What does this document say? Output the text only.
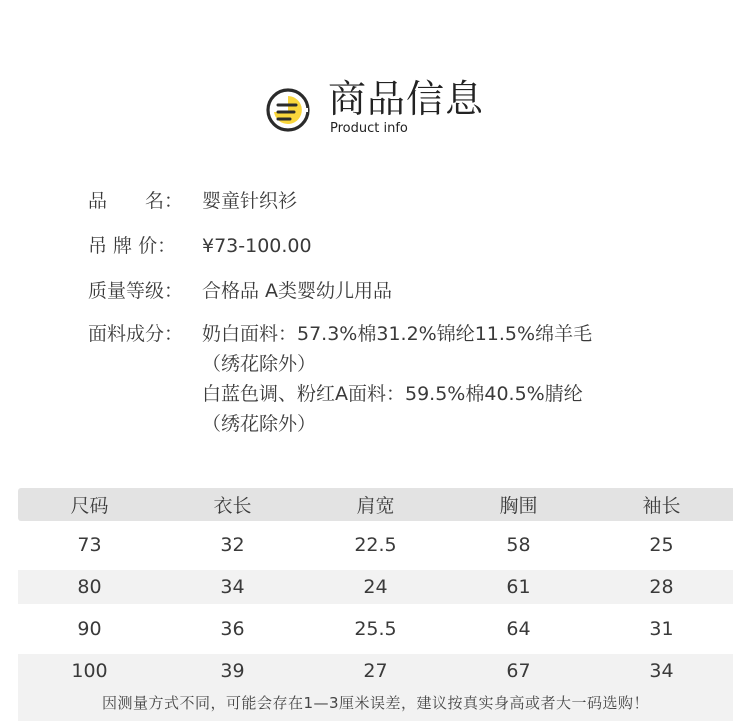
商品信息
Product info
品　　名： 婴童针织衫
吊 牌 价：	¥73-100.00
质量等级： 合格品 A类婴幼儿用品
面料成分： 奶白面料：57.3%棉31.2%锦纶11.5%绵羊毛
（绣花除外）
白蓝色调、粉红A面料：59.5%棉40.5%腈纶
（绣花除外）
尺码	衣长	肩宽	胸围	袖长
73	32	22.5	58	25
80	34	24	61	28
90	36	25.5	64	31
100	39	27	67	34
因测量方式不同，可能会存在1—3厘米误差，建议按真实身高或者大一码选购！
